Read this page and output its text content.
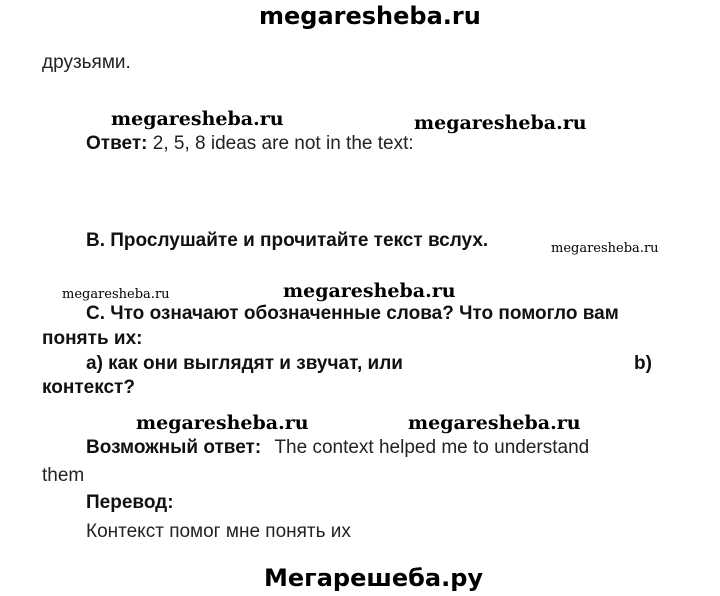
megaresheba.ru
друзьями.
megaresheba.ru	megaresheba.ru
Ответ: 2, 5, 8 ideas are not in the text:
B. Прослушайте и прочитайте текст вслух.	megaresheba.ru
megaresheba.ru	megaresheba.ru
C. Что означают обозначенные слова? Что помогло вам
понять их:
a) как они выглядят и звучат, или	b)
контекст?
megaresheba.ru	megaresheba.ru
Возможный ответ: The context helped me to understand
them
Перевод:
Контекст помог мне понять их
Мегарешеба.ру
